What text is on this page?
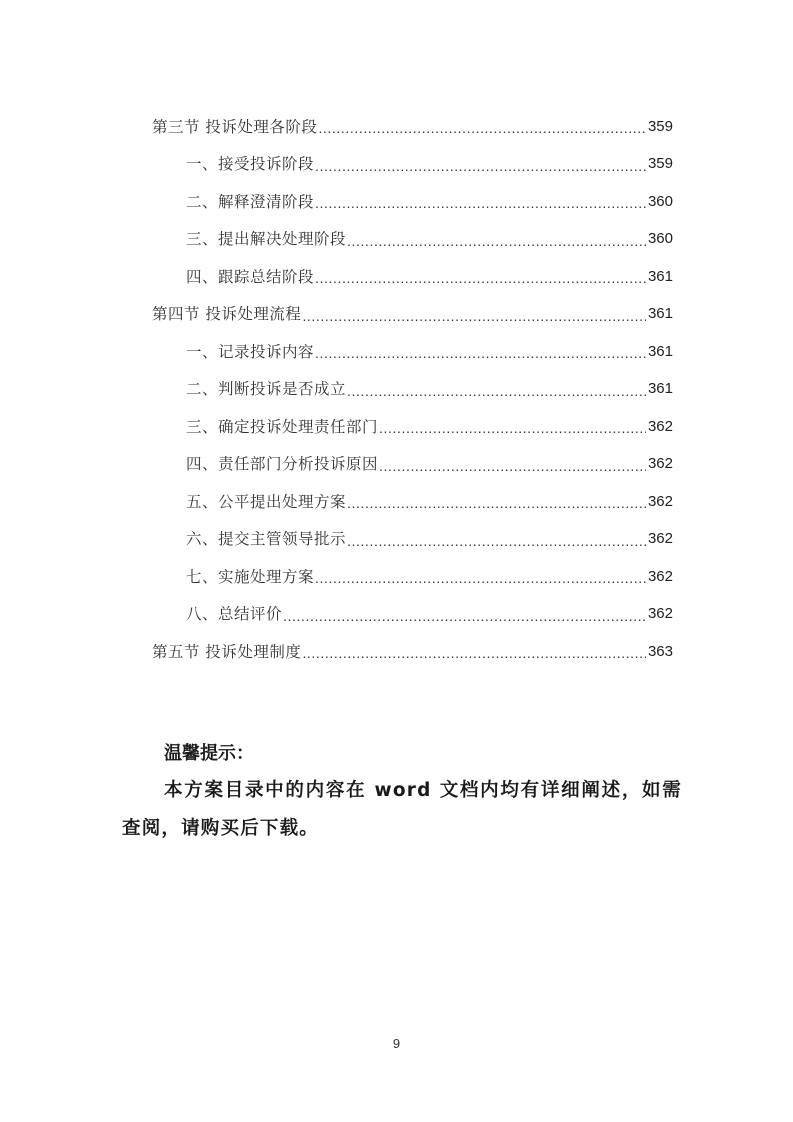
第三节 投诉处理各阶段 .....	359
一、接受投诉阶段 .....	359
二、解释澄清阶段 .....	360
三、提出解决处理阶段 .....	360
四、跟踪总结阶段 .....	361
第四节 投诉处理流程 .....	361
一、记录投诉内容 .....	361
二、判断投诉是否成立 .....	361
三、确定投诉处理责任部门 .....	362
四、责任部门分析投诉原因 .....	362
五、公平提出处理方案 .....	362
六、提交主管领导批示 .....	362
七、实施处理方案 .....	362
八、总结评价 .....	362
第五节 投诉处理制度 .....	363
温馨提示：
本方案目录中的内容在 word 文档内均有详细阐述，如需查阅，请购买后下载。
9
